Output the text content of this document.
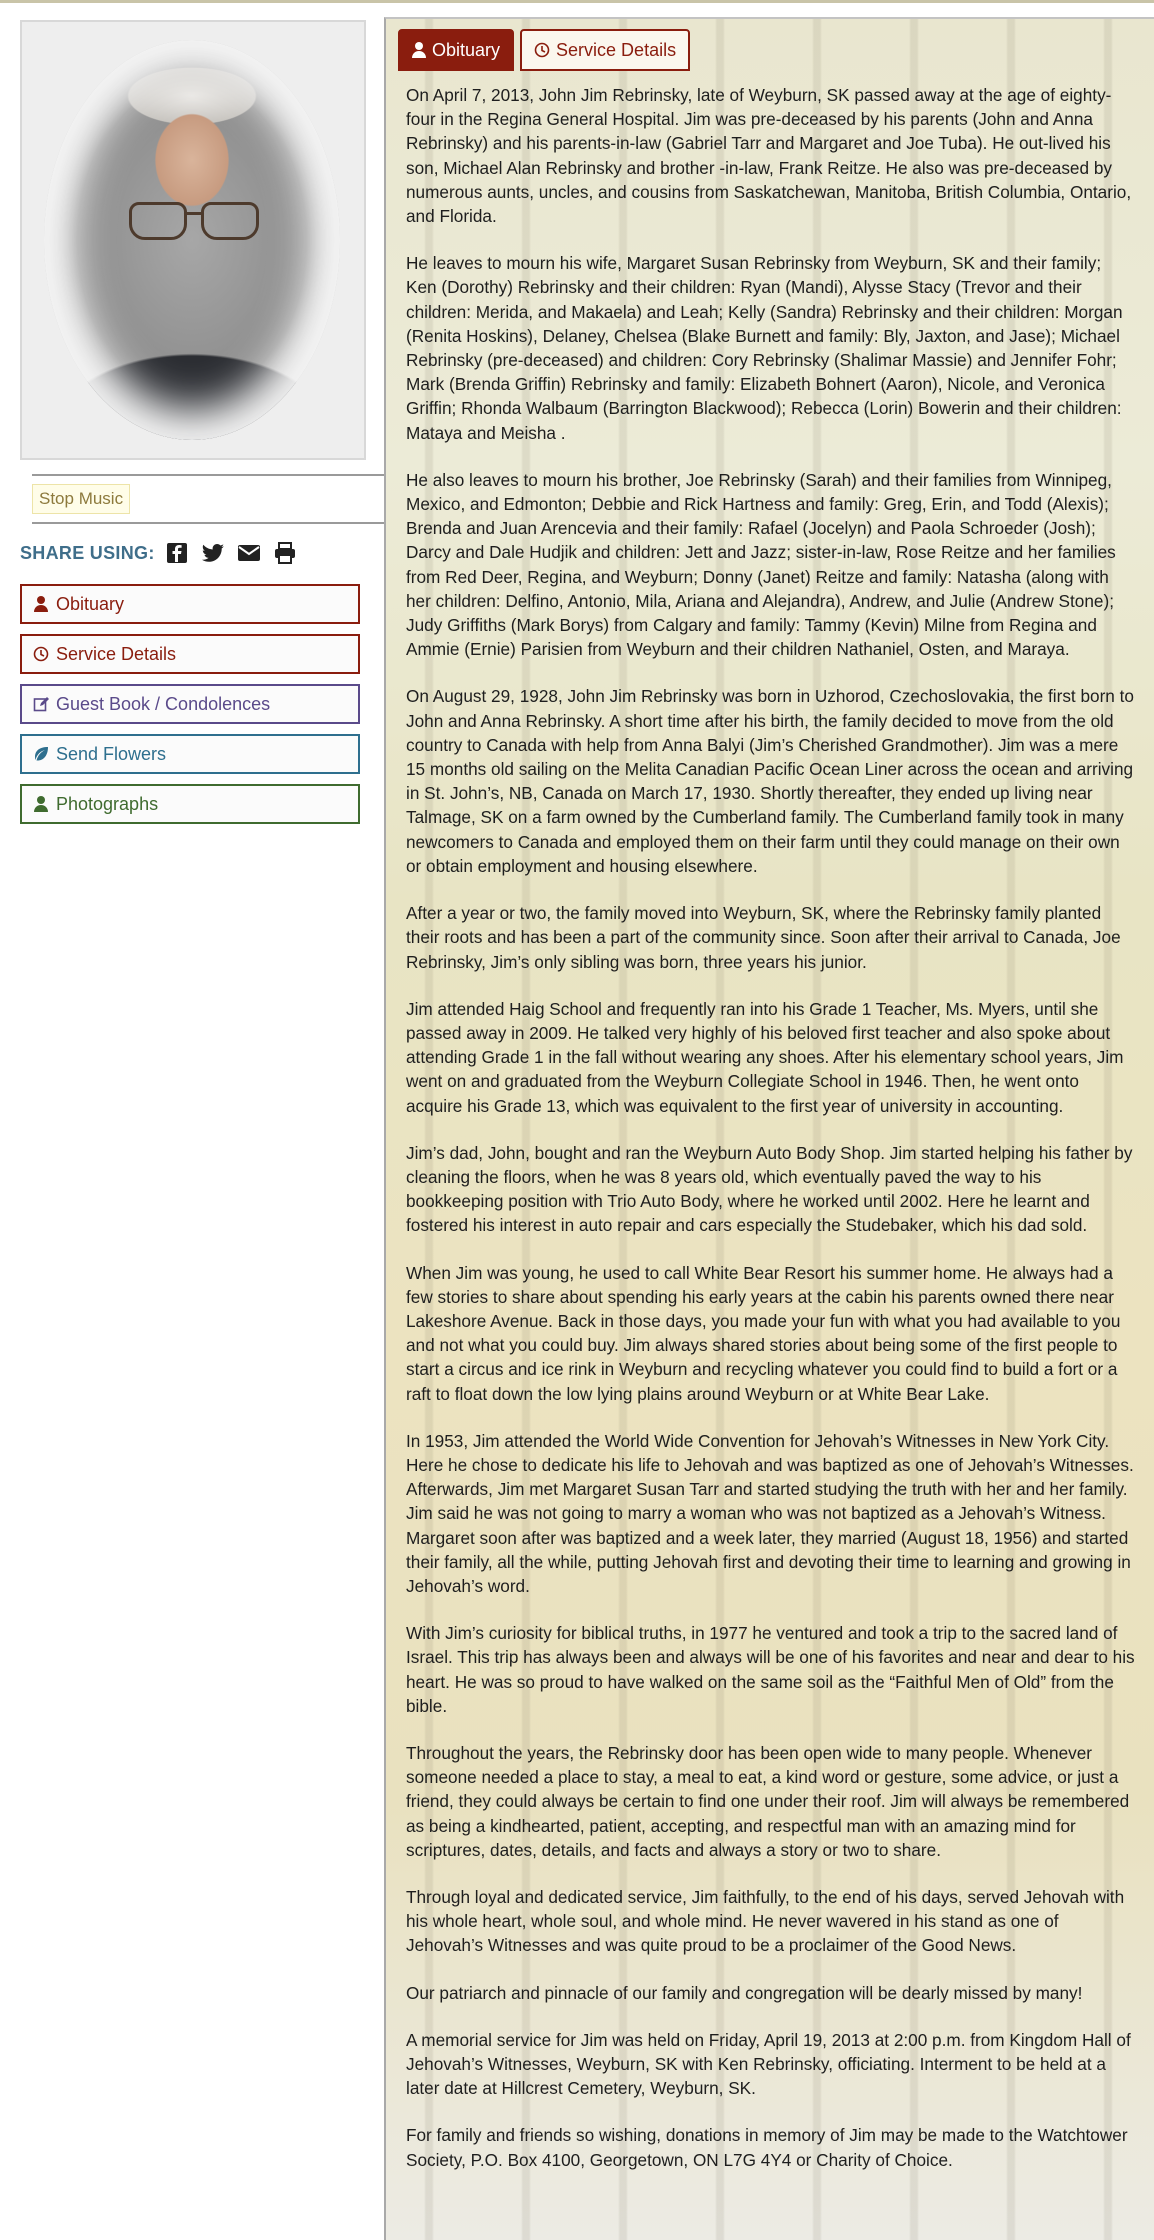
Stop Music
SHARE USING:
Obituary
Service Details
Guest Book / Condolences
Send Flowers
Photographs
Obituary	Service Details

On April 7, 2013, John Jim Rebrinsky, late of Weyburn, SK passed away at the age of eighty-four in the Regina General Hospital. Jim was pre-deceased by his parents (John and Anna Rebrinsky) and his parents-in-law (Gabriel Tarr and Margaret and Joe Tuba). He out-lived his son, Michael Alan Rebrinsky and brother -in-law, Frank Reitze. He also was pre-deceased by numerous aunts, uncles, and cousins from Saskatchewan, Manitoba, British Columbia, Ontario, and Florida.

He leaves to mourn his wife, Margaret Susan Rebrinsky from Weyburn, SK and their family; Ken (Dorothy) Rebrinsky and their children: Ryan (Mandi), Alysse Stacy (Trevor and their children: Merida, and Makaela) and Leah; Kelly (Sandra) Rebrinsky and their children: Morgan (Renita Hoskins), Delaney, Chelsea (Blake Burnett and family: Bly, Jaxton, and Jase); Michael Rebrinsky (pre-deceased) and children: Cory Rebrinsky (Shalimar Massie) and Jennifer Fohr; Mark (Brenda Griffin) Rebrinsky and family: Elizabeth Bohnert (Aaron), Nicole, and Veronica Griffin; Rhonda Walbaum (Barrington Blackwood); Rebecca (Lorin) Bowerin and their children: Mataya and Meisha .

He also leaves to mourn his brother, Joe Rebrinsky (Sarah) and their families from Winnipeg, Mexico, and Edmonton; Debbie and Rick Hartness and family: Greg, Erin, and Todd (Alexis); Brenda and Juan Arencevia and their family: Rafael (Jocelyn) and Paola Schroeder (Josh); Darcy and Dale Hudjik and children: Jett and Jazz; sister-in-law, Rose Reitze and her families from Red Deer, Regina, and Weyburn; Donny (Janet) Reitze and family: Natasha (along with her children: Delfino, Antonio, Mila, Ariana and Alejandra), Andrew, and Julie (Andrew Stone); Judy Griffiths (Mark Borys) from Calgary and family: Tammy (Kevin) Milne from Regina and Ammie (Ernie) Parisien from Weyburn and their children Nathaniel, Osten, and Maraya.

On August 29, 1928, John Jim Rebrinsky was born in Uzhorod, Czechoslovakia, the first born to John and Anna Rebrinsky. A short time after his birth, the family decided to move from the old country to Canada with help from Anna Balyi (Jim’s Cherished Grandmother). Jim was a mere 15 months old sailing on the Melita Canadian Pacific Ocean Liner across the ocean and arriving in St. John’s, NB, Canada on March 17, 1930. Shortly thereafter, they ended up living near Talmage, SK on a farm owned by the Cumberland family. The Cumberland family took in many newcomers to Canada and employed them on their farm until they could manage on their own or obtain employment and housing elsewhere.

After a year or two, the family moved into Weyburn, SK, where the Rebrinsky family planted their roots and has been a part of the community since. Soon after their arrival to Canada, Joe Rebrinsky, Jim’s only sibling was born, three years his junior.

Jim attended Haig School and frequently ran into his Grade 1 Teacher, Ms. Myers, until she passed away in 2009. He talked very highly of his beloved first teacher and also spoke about attending Grade 1 in the fall without wearing any shoes. After his elementary school years, Jim went on and graduated from the Weyburn Collegiate School in 1946. Then, he went onto acquire his Grade 13, which was equivalent to the first year of university in accounting.

Jim’s dad, John, bought and ran the Weyburn Auto Body Shop. Jim started helping his father by cleaning the floors, when he was 8 years old, which eventually paved the way to his bookkeeping position with Trio Auto Body, where he worked until 2002. Here he learnt and fostered his interest in auto repair and cars especially the Studebaker, which his dad sold.

When Jim was young, he used to call White Bear Resort his summer home. He always had a few stories to share about spending his early years at the cabin his parents owned there near Lakeshore Avenue. Back in those days, you made your fun with what you had available to you and not what you could buy. Jim always shared stories about being some of the first people to start a circus and ice rink in Weyburn and recycling whatever you could find to build a fort or a raft to float down the low lying plains around Weyburn or at White Bear Lake.

In 1953, Jim attended the World Wide Convention for Jehovah’s Witnesses in New York City. Here he chose to dedicate his life to Jehovah and was baptized as one of Jehovah’s Witnesses. Afterwards, Jim met Margaret Susan Tarr and started studying the truth with her and her family. Jim said he was not going to marry a woman who was not baptized as a Jehovah’s Witness. Margaret soon after was baptized and a week later, they married (August 18, 1956) and started their family, all the while, putting Jehovah first and devoting their time to learning and growing in Jehovah’s word.

With Jim’s curiosity for biblical truths, in 1977 he ventured and took a trip to the sacred land of Israel. This trip has always been and always will be one of his favorites and near and dear to his heart. He was so proud to have walked on the same soil as the “Faithful Men of Old” from the bible.

Throughout the years, the Rebrinsky door has been open wide to many people. Whenever someone needed a place to stay, a meal to eat, a kind word or gesture, some advice, or just a friend, they could always be certain to find one under their roof. Jim will always be remembered as being a kindhearted, patient, accepting, and respectful man with an amazing mind for scriptures, dates, details, and facts and always a story or two to share.

Through loyal and dedicated service, Jim faithfully, to the end of his days, served Jehovah with his whole heart, whole soul, and whole mind. He never wavered in his stand as one of Jehovah’s Witnesses and was quite proud to be a proclaimer of the Good News.

Our patriarch and pinnacle of our family and congregation will be dearly missed by many!

A memorial service for Jim was held on Friday, April 19, 2013 at 2:00 p.m. from Kingdom Hall of Jehovah’s Witnesses, Weyburn, SK with Ken Rebrinsky, officiating. Interment to be held at a later date at Hillcrest Cemetery, Weyburn, SK.

For family and friends so wishing, donations in memory of Jim may be made to the Watchtower Society, P.O. Box 4100, Georgetown, ON L7G 4Y4 or Charity of Choice.
